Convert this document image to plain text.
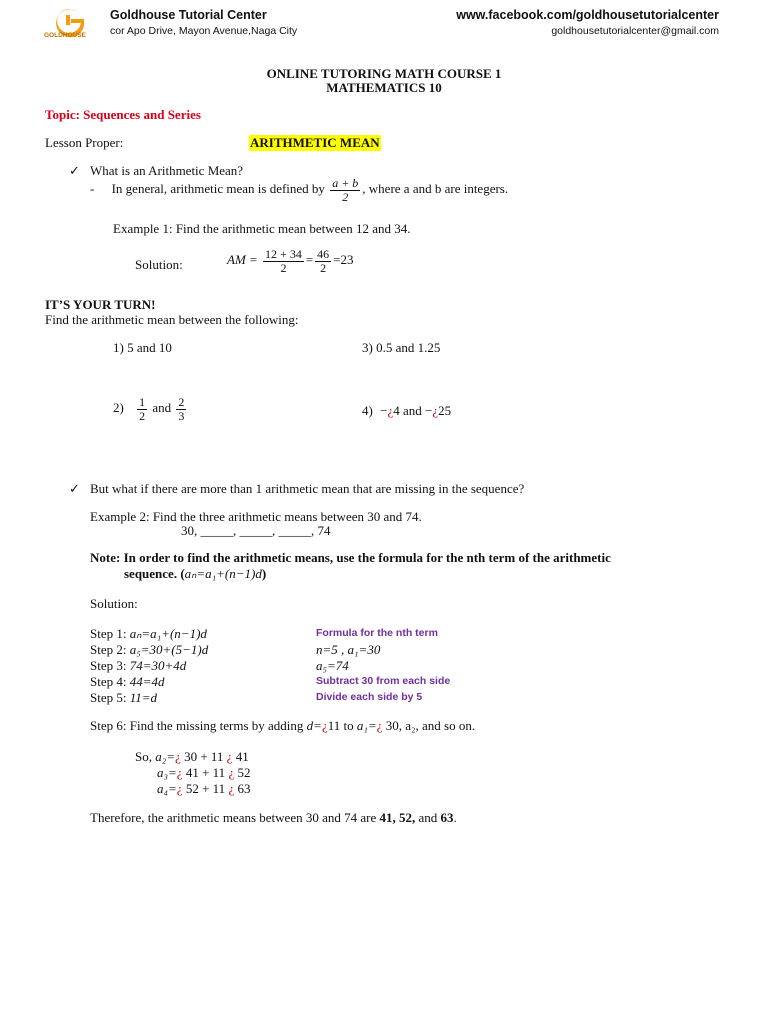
GOLDHOUSE
Goldhouse Tutorial Center
cor Apo Drive, Mayon Avenue,Naga City
www.facebook.com/goldhousetutorialcenter
goldhousetutorialcenter@gmail.com
ONLINE TUTORING MATH COURSE 1
MATHEMATICS 10
Topic: Sequences and Series
Lesson Proper:	ARITHMETIC MEAN
✓ What is an Arithmetic Mean?
- In general, arithmetic mean is defined by $\frac{a + b}{2}$ , where a and b are integers.
Example 1: Find the arithmetic mean between 12 and 34.
Solution:	AM = $\frac{12 + 34}{2} = \frac{46}{2} =23$
IT’S YOUR TURN!
Find the arithmetic mean between the following:
1) 5 and 10	3) 0.5 and 1.25
$2) \frac{1}{2}$ and $\frac{2}{3}$	4) −¿4 and −¿25
✓ But what if there are more than 1 arithmetic mean that are missing in the sequence?
Example 2: Find the three arithmetic means between 30 and 74.
30, _____, _____, _____, 74
Note: In order to find the arithmetic means, use the formula for the nth term of the arithmetic
sequence. (aₙ=a₁+(n−1)d)
Solution:
Step 1: aₙ=a₁+(n−1)d	Formula for the nth term
Step 2: a₅=30+(5−1)d	n=5 , a₁=30
Step 3: 74=30+4d	a₅=74
Step 4: 44=4d	Subtract 30 from each side
Step 5: 11=d	Divide each side by 5
Step 6: Find the missing terms by adding d=¿11 to a₁=¿ 30, a₂, and so on.
So, a₂=¿ 30 + 11 ¿ 41
a₃=¿ 41 + 11 ¿ 52
a₄=¿ 52 + 11 ¿ 63
Therefore, the arithmetic means between 30 and 74 are 41, 52, and 63.
